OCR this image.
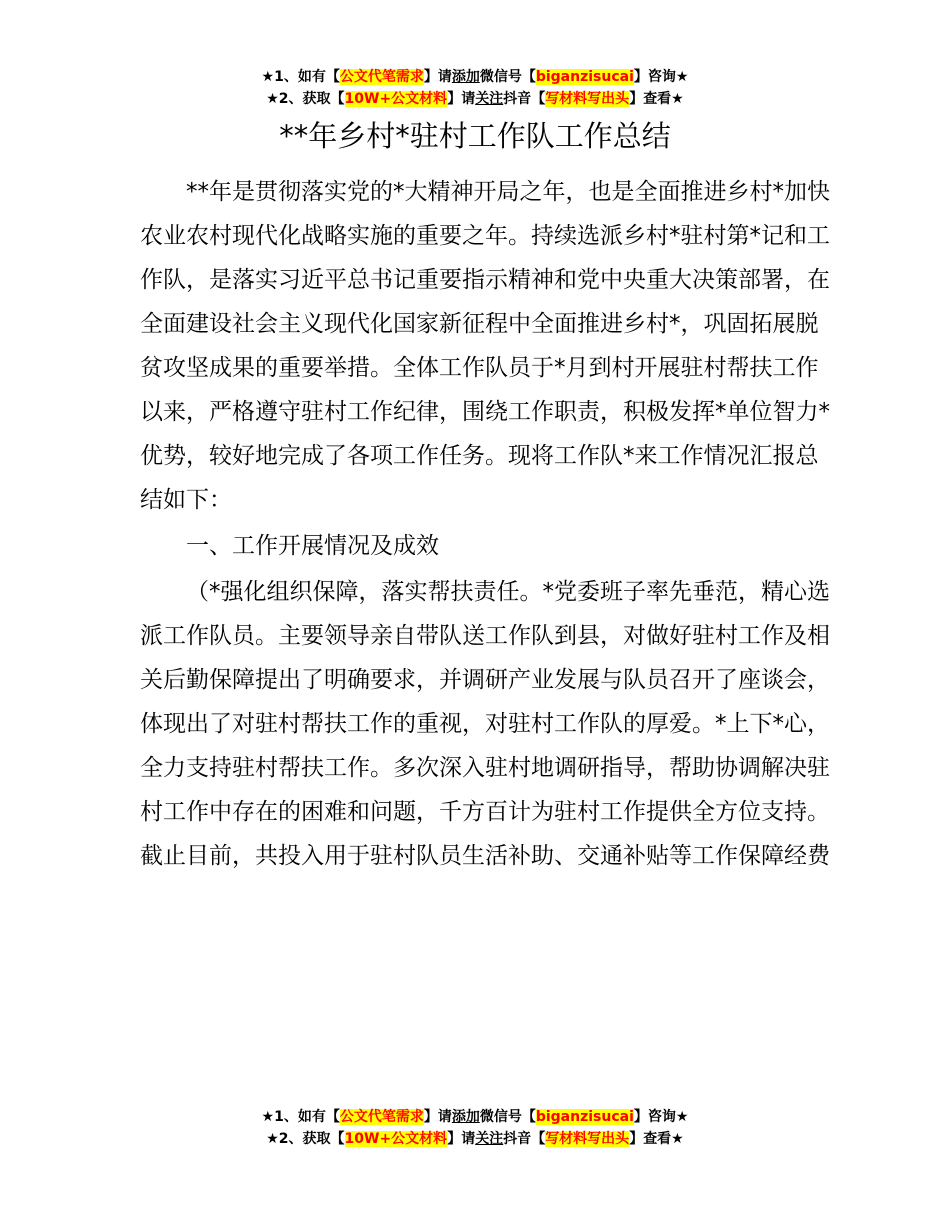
★1、如有【公文代笔需求】请添加微信号【biganzisucai】咨询★
★2、获取【10W+公文材料】请关注抖音【写材料写出头】查看★
**年乡村*驻村工作队工作总结

**年是贯彻落实党的*大精神开局之年，也是全面推进乡村*加快农业农村现代化战略实施的重要之年。持续选派乡村*驻村第*记和工作队，是落实习近平总书记重要指示精神和党中央重大决策部署，在全面建设社会主义现代化国家新征程中全面推进乡村*，巩固拓展脱贫攻坚成果的重要举措。全体工作队员于*月到村开展驻村帮扶工作以来，严格遵守驻村工作纪律，围绕工作职责，积极发挥*单位智力*优势，较好地完成了各项工作任务。现将工作队*来工作情况汇报总结如下：

一、工作开展情况及成效

（*强化组织保障，落实帮扶责任。*党委班子率先垂范，精心选派工作队员。主要领导亲自带队送工作队到县，对做好驻村工作及相关后勤保障提出了明确要求，并调研产业发展与队员召开了座谈会，体现出了对驻村帮扶工作的重视，对驻村工作队的厚爱。*上下*心，全力支持驻村帮扶工作。多次深入驻村地调研指导，帮助协调解决驻村工作中存在的困难和问题，千方百计为驻村工作提供全方位支持。截止目前，共投入用于驻村队员生活补助、交通补贴等工作保障经费

★1、如有【公文代笔需求】请添加微信号【biganzisucai】咨询★
★2、获取【10W+公文材料】请关注抖音【写材料写出头】查看★
